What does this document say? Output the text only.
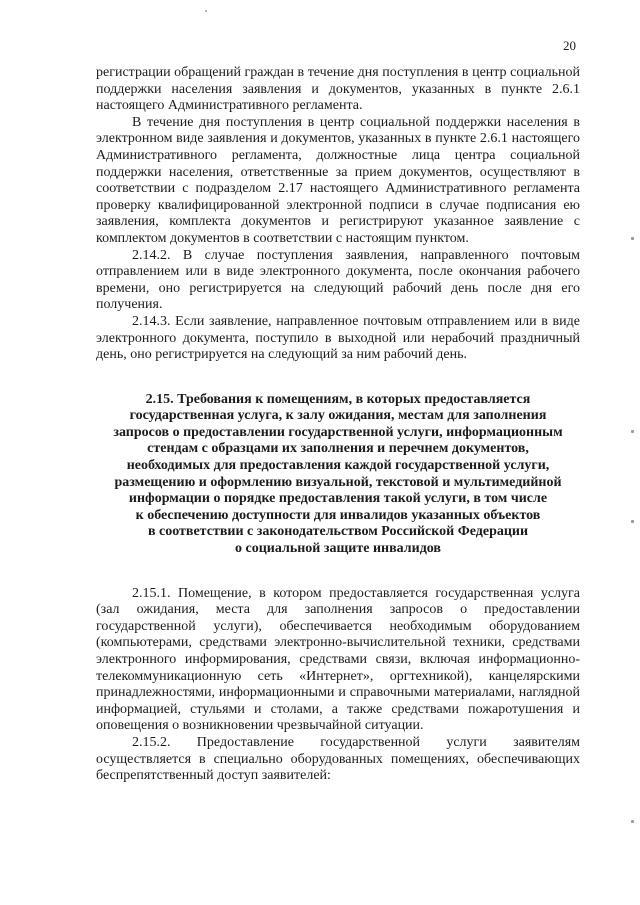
20

регистрации обращений граждан в течение дня поступления в центр социальной поддержки населения заявления и документов, указанных в пункте 2.6.1 настоящего Административного регламента.

В течение дня поступления в центр социальной поддержки населения в электронном виде заявления и документов, указанных в пункте 2.6.1 настоящего Административного регламента, должностные лица центра социальной поддержки населения, ответственные за прием документов, осуществляют в соответствии с подразделом 2.17 настоящего Административного регламента проверку квалифицированной электронной подписи в случае подписания ею заявления, комплекта документов и регистрируют указанное заявление с комплектом документов в соответствии с настоящим пунктом.

2.14.2. В случае поступления заявления, направленного почтовым отправлением или в виде электронного документа, после окончания рабочего времени, оно регистрируется на следующий рабочий день после дня его получения.

2.14.3. Если заявление, направленное почтовым отправлением или в виде электронного документа, поступило в выходной или нерабочий праздничный день, оно регистрируется на следующий за ним рабочий день.

2.15. Требования к помещениям, в которых предоставляется
государственная услуга, к залу ожидания, местам для заполнения
запросов о предоставлении государственной услуги, информационным
стендам с образцами их заполнения и перечнем документов,
необходимых для предоставления каждой государственной услуги,
размещению и оформлению визуальной, текстовой и мультимедийной
информации о порядке предоставления такой услуги, в том числе
к обеспечению доступности для инвалидов указанных объектов
в соответствии с законодательством Российской Федерации
о социальной защите инвалидов

2.15.1. Помещение, в котором предоставляется государственная услуга (зал ожидания, места для заполнения запросов о предоставлении государственной услуги), обеспечивается необходимым оборудованием (компьютерами, средствами электронно-вычислительной техники, средствами электронного информирования, средствами связи, включая информационно-телекоммуникационную сеть «Интернет», оргтехникой), канцелярскими принадлежностями, информационными и справочными материалами, наглядной информацией, стульями и столами, а также средствами пожаротушения и оповещения о возникновении чрезвычайной ситуации.

2.15.2. Предоставление государственной услуги заявителям осуществляется в специально оборудованных помещениях, обеспечивающих беспрепятственный доступ заявителей:
